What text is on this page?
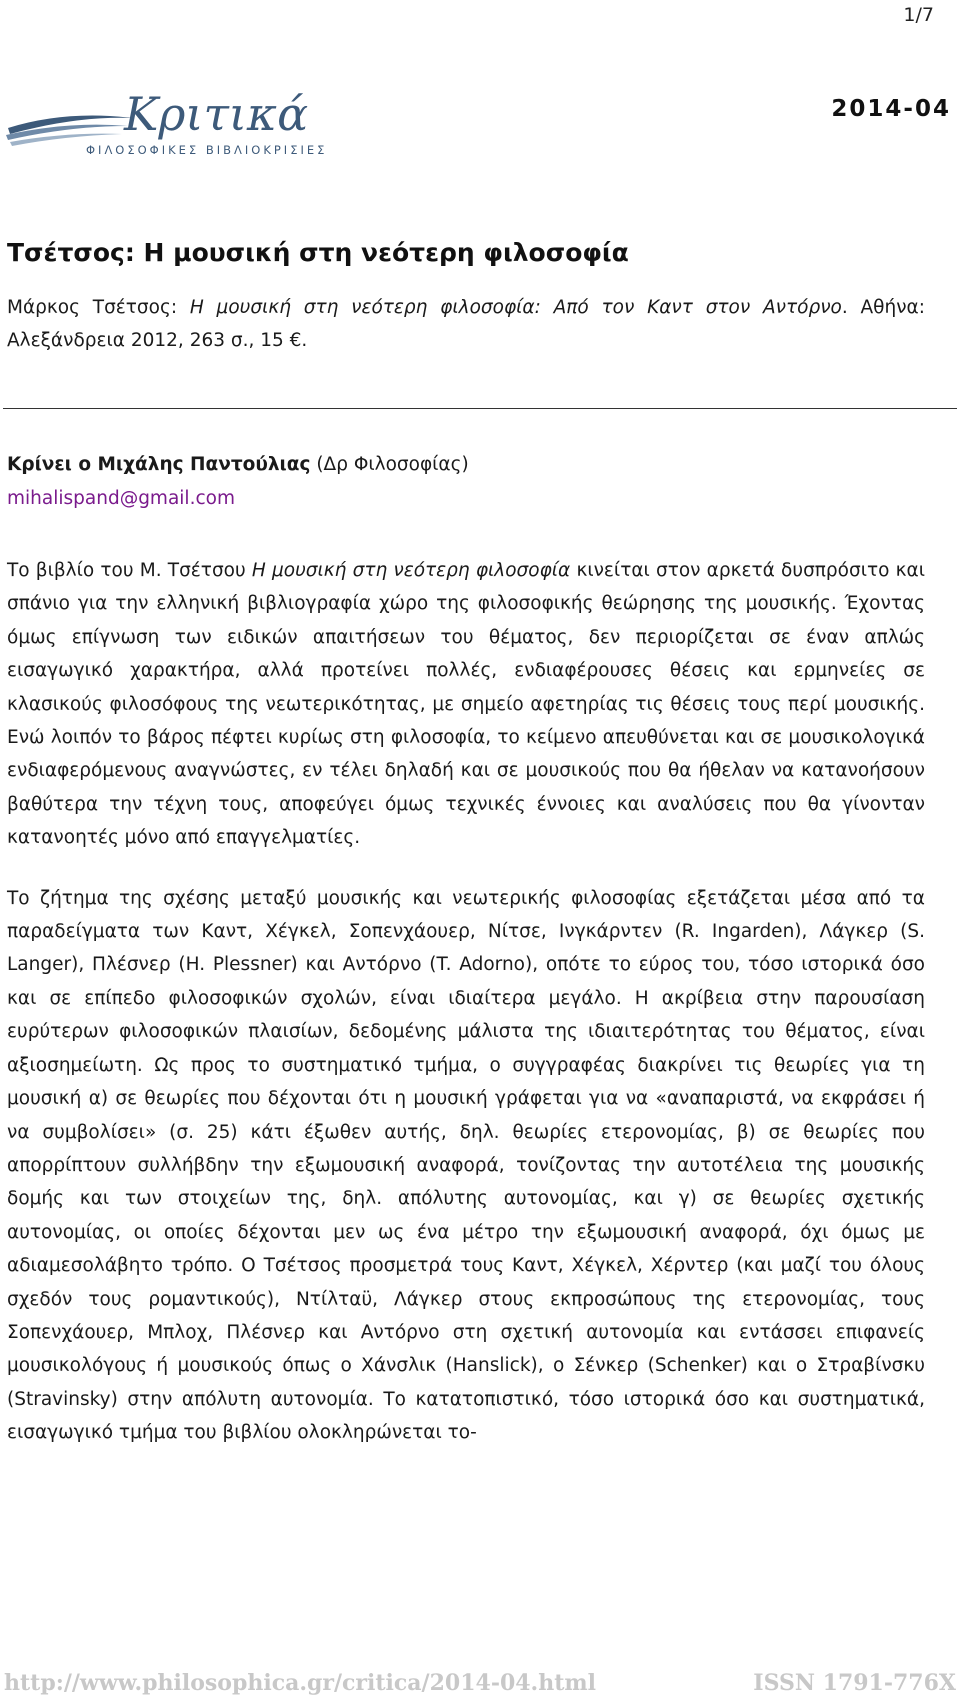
1/7
Κριτικά
ΦΙΛΟΣΟΦΙΚΕΣ ΒΙΒΛΙΟΚΡΙΣΙΕΣ
2014-04
Τσέτσος: Η μουσική στη νεότερη φιλοσοφία

Μάρκος Τσέτσος: Η μουσική στη νεότερη φιλοσοφία: Από τον Καντ στον Αντόρνο. Αθήνα: Αλεξάνδρεια 2012, 263 σ., 15 €.

Κρίνει ο Μιχάλης Παντούλιας (Δρ Φιλοσοφίας)
mihalispand@gmail.com

Το βιβλίο του Μ. Τσέτσου Η μουσική στη νεότερη φιλοσοφία κινείται στον αρκετά δυσπρόσιτο και σπάνιο για την ελληνική βιβλιογραφία χώρο της φιλοσοφικής θεώρησης της μουσικής. Έχοντας όμως επίγνωση των ειδικών απαιτήσεων του θέματος, δεν περιορίζεται σε έναν απλώς εισαγωγικό χαρακτήρα, αλλά προτείνει πολλές, ενδιαφέρουσες θέσεις και ερμηνείες σε κλασικούς φιλοσόφους της νεωτερικότητας, με σημείο αφετηρίας τις θέσεις τους περί μουσικής. Ενώ λοιπόν το βάρος πέφτει κυρίως στη φιλοσοφία, το κείμενο απευθύνεται και σε μουσικολογικά ενδιαφερόμενους αναγνώστες, εν τέλει δηλαδή και σε μουσικούς που θα ήθελαν να κατανοήσουν βαθύτερα την τέχνη τους, αποφεύγει όμως τεχνικές έννοιες και αναλύσεις που θα γίνονταν κατανοητές μόνο από επαγγελματίες.

Το ζήτημα της σχέσης μεταξύ μουσικής και νεωτερικής φιλοσοφίας εξετάζεται μέσα από τα παραδείγματα των Καντ, Χέγκελ, Σοπενχάουερ, Νίτσε, Ινγκάρντεν (R. Ingarden), Λάγκερ (S. Langer), Πλέσνερ (H. Plessner) και Αντόρνο (T. Adorno), οπότε το εύρος του, τόσο ιστορικά όσο και σε επίπεδο φιλοσοφικών σχολών, είναι ιδιαίτερα μεγάλο. Η ακρίβεια στην παρουσίαση ευρύτερων φιλοσοφικών πλαισίων, δεδομένης μάλιστα της ιδιαιτερότητας του θέματος, είναι αξιοσημείωτη. Ως προς το συστηματικό τμήμα, ο συγγραφέας διακρίνει τις θεωρίες για τη μουσική α) σε θεωρίες που δέχονται ότι η μουσική γράφεται για να «αναπαριστά, να εκφράσει ή να συμβολίσει» (σ. 25) κάτι έξωθεν αυτής, δηλ. θεωρίες ετερονομίας, β) σε θεωρίες που απορρίπτουν συλλήβδην την εξωμουσική αναφορά, τονίζοντας την αυτοτέλεια της μουσικής δομής και των στοιχείων της, δηλ. απόλυτης αυτονομίας, και γ) σε θεωρίες σχετικής αυτονομίας, οι οποίες δέχονται μεν ως ένα μέτρο την εξωμουσική αναφορά, όχι όμως με αδιαμεσολάβητο τρόπο. Ο Τσέτσος προσμετρά τους Καντ, Χέγκελ, Χέρντερ (και μαζί του όλους σχεδόν τους ρομαντικούς), Ντίλταϋ, Λάγκερ στους εκπροσώπους της ετερονομίας, τους Σοπενχάουερ, Μπλοχ, Πλέσνερ και Αντόρνο στη σχετική αυτονομία και εντάσσει επιφανείς μουσικολόγους ή μουσικούς όπως ο Χάνσλικ (Hanslick), ο Σένκερ (Schenker) και ο Στραβίνσκυ (Stravinsky) στην απόλυτη αυτονομία. Το κατατοπιστικό, τόσο ιστορικά όσο και συστηματικά, εισαγωγικό τμήμα του βιβλίου ολοκληρώνεται το-

http://www.philosophica.gr/critica/2014-04.html	ISSN 1791-776X
